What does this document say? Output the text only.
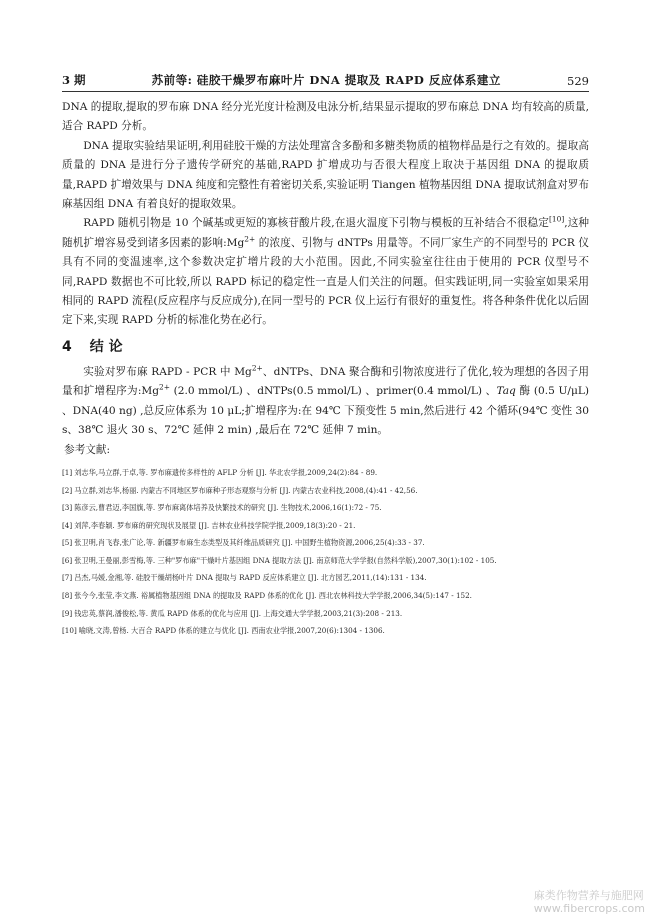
3 期	苏前等: 硅胶干燥罗布麻叶片 DNA 提取及 RAPD 反应体系建立	529

DNA 的提取,提取的罗布麻 DNA 经分光光度计检测及电泳分析,结果显示提取的罗布麻总 DNA 均有较高的质量,适合 RAPD 分析。

DNA 提取实验结果证明,利用硅胶干燥的方法处理富含多酚和多糖类物质的植物样品是行之有效的。提取高质量的 DNA 是进行分子遗传学研究的基础,RAPD 扩增成功与否很大程度上取决于基因组 DNA 的提取质量,RAPD 扩增效果与 DNA 纯度和完整性有着密切关系,实验证明 Tiangen 植物基因组 DNA 提取试剂盒对罗布麻基因组 DNA 有着良好的提取效果。

RAPD 随机引物是 10 个碱基或更短的寡核苷酸片段,在退火温度下引物与模板的互补结合不很稳定[10],这种随机扩增容易受到诸多因素的影响$:Mg^{2+}$ 的浓度、引物与 dNTPs 用量等。不同厂家生产的不同型号的 PCR 仪具有不同的变温速率,这个参数决定扩增片段的大小范围。因此,不同实验室往往由于使用的 PCR 仪型号不同,RAPD 数据也不可比较,所以 RAPD 标记的稳定性一直是人们关注的问题。但实践证明,同一实验室如果采用相同的 RAPD 流程(反应程序与反应成分),在同一型号的 PCR 仪上运行有很好的重复性。将各种条件优化以后固定下来,实现 RAPD 分析的标准化势在必行。

4 结 论

实验对罗布麻 RAPD - PCR 中 $Mg^{2+}$、dNTPs、DNA 聚合酶和引物浓度进行了优化,较为理想的各因子用量和扩增程序为$:Mg^{2+}$ (2.0 mmol/L) 、dNTPs(0.5 mmol/L) 、primer(0.4 mmol/L) 、Taq 酶 (0.5 U/μL) 、DNA(40 ng) ,总反应体系为 10 μL;扩增程序为:在 94℃ 下预变性 5 min,然后进行 42 个循环(94℃ 变性 30 s、38℃ 退火 30 s、72℃ 延伸 2 min) ,最后在 72℃ 延伸 7 min。

参考文献:

[1] 刘志华,马立群,于卓,等. 罗布麻遗传多样性的 AFLP 分析 [J]. 华北农学报,2009,24(2):84 - 89.
[2] 马立群,刘志华,杨丽. 内蒙古不同地区罗布麻种子形态观察与分析 [J]. 内蒙古农业科技,2008,(4):41 - 42,56.
[3] 陈彦云,曹君迈,李国旗,等. 罗布麻离体培养及快繁技术的研究 [J]. 生物技术,2006,16(1):72 - 75.
[4] 刘萍,李春颖. 罗布麻的研究现状及展望 [J]. 吉林农业科技学院学报,2009,18(3):20 - 21.
[5] 张卫明,肖飞春,张广论,等. 新疆罗布麻生态类型及其纤维品质研究 [J]. 中国野生植物资源,2006,25(4):33 - 37.
[6] 张卫明,王曼丽,彭雪梅,等. 三种"罗布麻"干燥叶片基因组 DNA 提取方法 [J]. 南京师范大学学报(自然科学版),2007,30(1):102 - 105.
[7] 吕杰,马媛,金湘,等. 硅胶干燥胡杨叶片 DNA 提取与 RAPD 反应体系建立 [J]. 北方园艺,2011,(14):131 - 134.
[8] 张今今,张莹,李文燕. 裕属植物基因组 DNA 的提取及 RAPD 体系的优化 [J]. 西北农林科技大学学报,2006,34(5):147 - 152.
[9] 钱忠英,蔡润,潘俊松,等. 黄瓜 RAPD 体系的优化与应用 [J]. 上海交通大学学报,2003,21(3):208 - 213.
[10] 喻晓,文涛,曾杨. 大百合 RAPD 体系的建立与优化 [J]. 西南农业学报,2007,20(6):1304 - 1306.
麻类作物营养与施肥网
www.fibercrops.com
